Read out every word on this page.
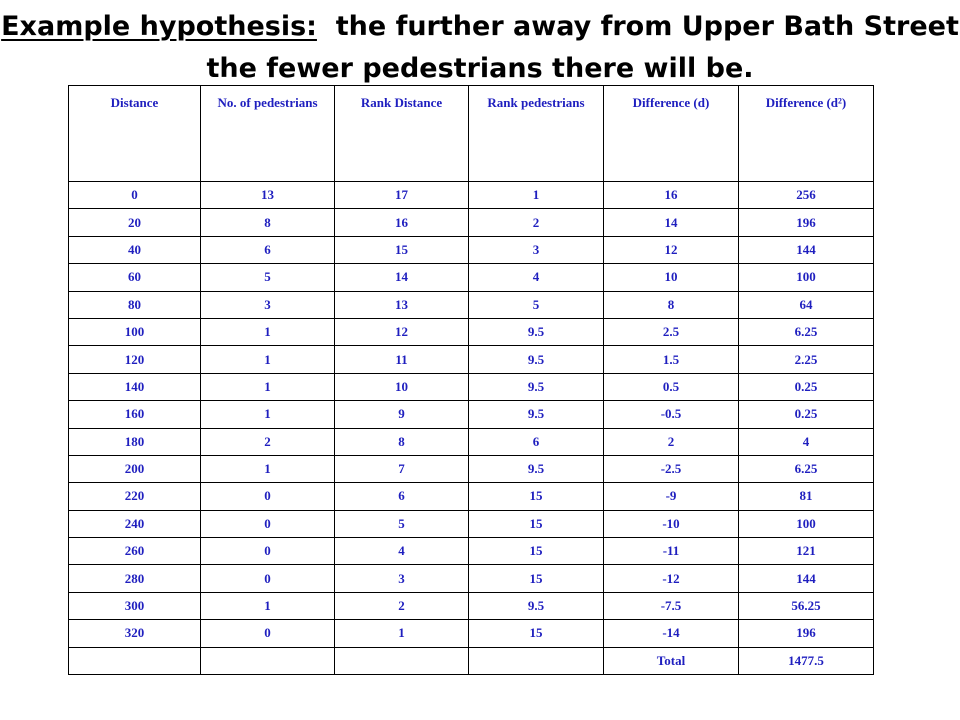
Example hypothesis:  the further away from Upper Bath Street the fewer pedestrians there will be.
Distance	No. of pedestrians	Rank Distance	Rank pedestrians	Difference (d)	Difference (d²)
0	13	17	1	16	256
20	8	16	2	14	196
40	6	15	3	12	144
60	5	14	4	10	100
80	3	13	5	8	64
100	1	12	9.5	2.5	6.25
120	1	11	9.5	1.5	2.25
140	1	10	9.5	0.5	0.25
160	1	9	9.5	-0.5	0.25
180	2	8	6	2	4
200	1	7	9.5	-2.5	6.25
220	0	6	15	-9	81
240	0	5	15	-10	100
260	0	4	15	-11	121
280	0	3	15	-12	144
300	1	2	9.5	-7.5	56.25
320	0	1	15	-14	196
				Total	1477.5
